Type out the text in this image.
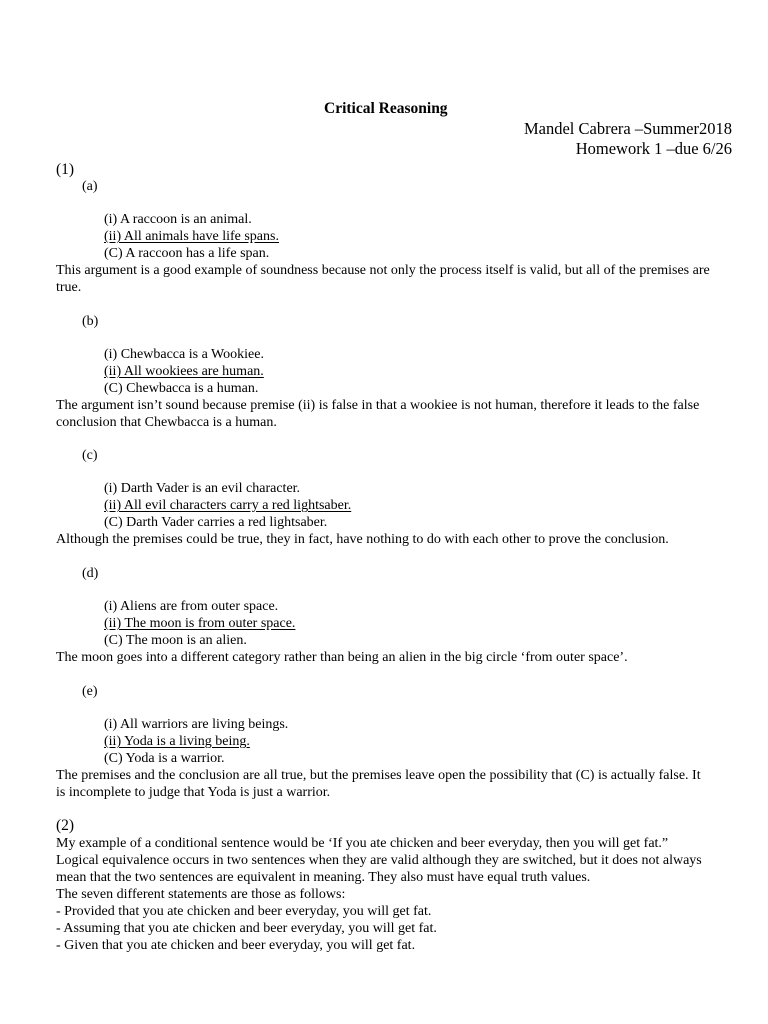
Critical Reasoning
Mandel Cabrera –Summer2018
Homework 1 –due 6/26
(1)
(a)
(i) A raccoon is an animal.
(ii) All animals have life spans.
(C) A raccoon has a life span.
This argument is a good example of soundness because not only the process itself is valid, but all of the premises are
true.
(b)
(i) Chewbacca is a Wookiee.
(ii) All wookiees are human.
(C) Chewbacca is a human.
The argument isn’t sound because premise (ii) is false in that a wookiee is not human, therefore it leads to the false
conclusion that Chewbacca is a human.
(c)
(i) Darth Vader is an evil character.
(ii) All evil characters carry a red lightsaber.
(C) Darth Vader carries a red lightsaber.
Although the premises could be true, they in fact, have nothing to do with each other to prove the conclusion.
(d)
(i) Aliens are from outer space.
(ii) The moon is from outer space.
(C) The moon is an alien.
The moon goes into a different category rather than being an alien in the big circle ‘from outer space’.
(e)
(i) All warriors are living beings.
(ii) Yoda is a living being.
(C) Yoda is a warrior.
The premises and the conclusion are all true, but the premises leave open the possibility that (C) is actually false. It
is incomplete to judge that Yoda is just a warrior.
(2)
My example of a conditional sentence would be ‘If you ate chicken and beer everyday, then you will get fat.”
Logical equivalence occurs in two sentences when they are valid although they are switched, but it does not always
mean that the two sentences are equivalent in meaning. They also must have equal truth values.
The seven different statements are those as follows:
- Provided that you ate chicken and beer everyday, you will get fat.
- Assuming that you ate chicken and beer everyday, you will get fat.
- Given that you ate chicken and beer everyday, you will get fat.
